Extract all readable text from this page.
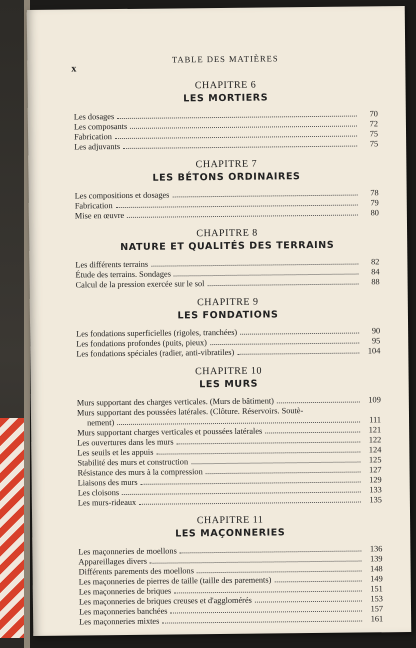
x
TABLE DES MATIÈRES
CHAPITRE 6
LES MORTIERS
Les dosages	70
Les composants	72
Fabrication	75
Les adjuvants	75
CHAPITRE 7
LES BÉTONS ORDINAIRES
Les compositions et dosages	78
Fabrication	79
Mise en œuvre	80
CHAPITRE 8
NATURE ET QUALITÉS DES TERRAINS
Les différents terrains	82
Étude des terrains. Sondages	84
Calcul de la pression exercée sur le sol	88
CHAPITRE 9
LES FONDATIONS
Les fondations superficielles (rigoles, tranchées)	90
Les fondations profondes (puits, pieux)	95
Les fondations spéciales (radier, anti-vibratiles)	104
CHAPITRE 10
LES MURS
Murs supportant des charges verticales. (Murs de bâtiment)	109
Murs supportant des poussées latérales. (Clôture. Réservoirs. Soutè-
nement)	111
Murs supportant charges verticales et poussées latérales	121
Les ouvertures dans les murs	122
Les seuils et les appuis	124
Stabilité des murs et construction	125
Résistance des murs à la compression	127
Liaisons des murs	129
Les cloisons	133
Les murs-rideaux	135
CHAPITRE 11
LES MAÇONNERIES
Les maçonneries de moellons	136
Appareillages divers	139
Différents parements des moellons	148
Les maçonneries de pierres de taille (taille des parements)	149
Les maçonneries de briques	151
Les maçonneries de briques creuses et d'agglomérés	153
Les maçonneries banchées	157
Les maçonneries mixtes	161
